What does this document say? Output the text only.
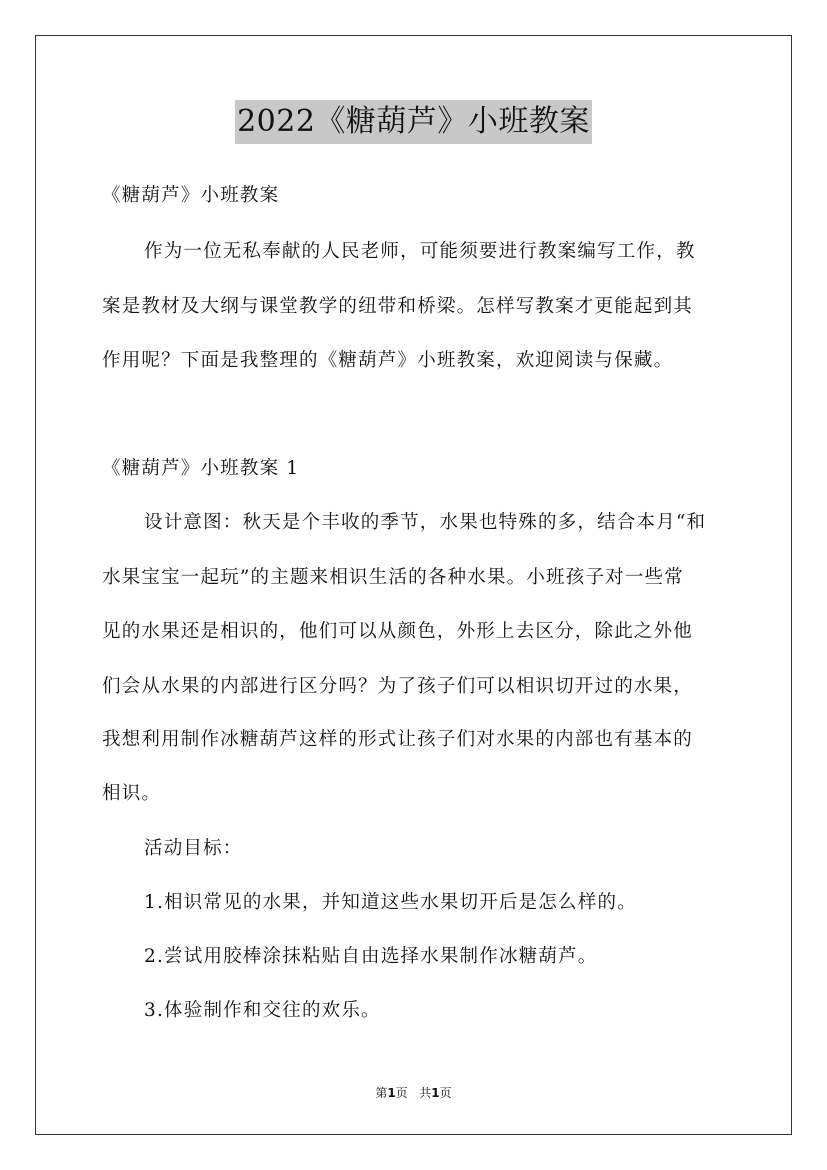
2022《糖葫芦》小班教案
《糖葫芦》小班教案
作为一位无私奉献的人民老师，可能须要进行教案编写工作，教
案是教材及大纲与课堂教学的纽带和桥梁。怎样写教案才更能起到其
作用呢？下面是我整理的《糖葫芦》小班教案，欢迎阅读与保藏。
《糖葫芦》小班教案 1
设计意图：秋天是个丰收的季节，水果也特殊的多，结合本月“和
水果宝宝一起玩”的主题来相识生活的各种水果。小班孩子对一些常
见的水果还是相识的，他们可以从颜色，外形上去区分，除此之外他
们会从水果的内部进行区分吗？为了孩子们可以相识切开过的水果，
我想利用制作冰糖葫芦这样的形式让孩子们对水果的内部也有基本的
相识。
活动目标：
1.相识常见的水果，并知道这些水果切开后是怎么样的。
2.尝试用胶棒涂抹粘贴自由选择水果制作冰糖葫芦。
3.体验制作和交往的欢乐。
第1页 共1页
